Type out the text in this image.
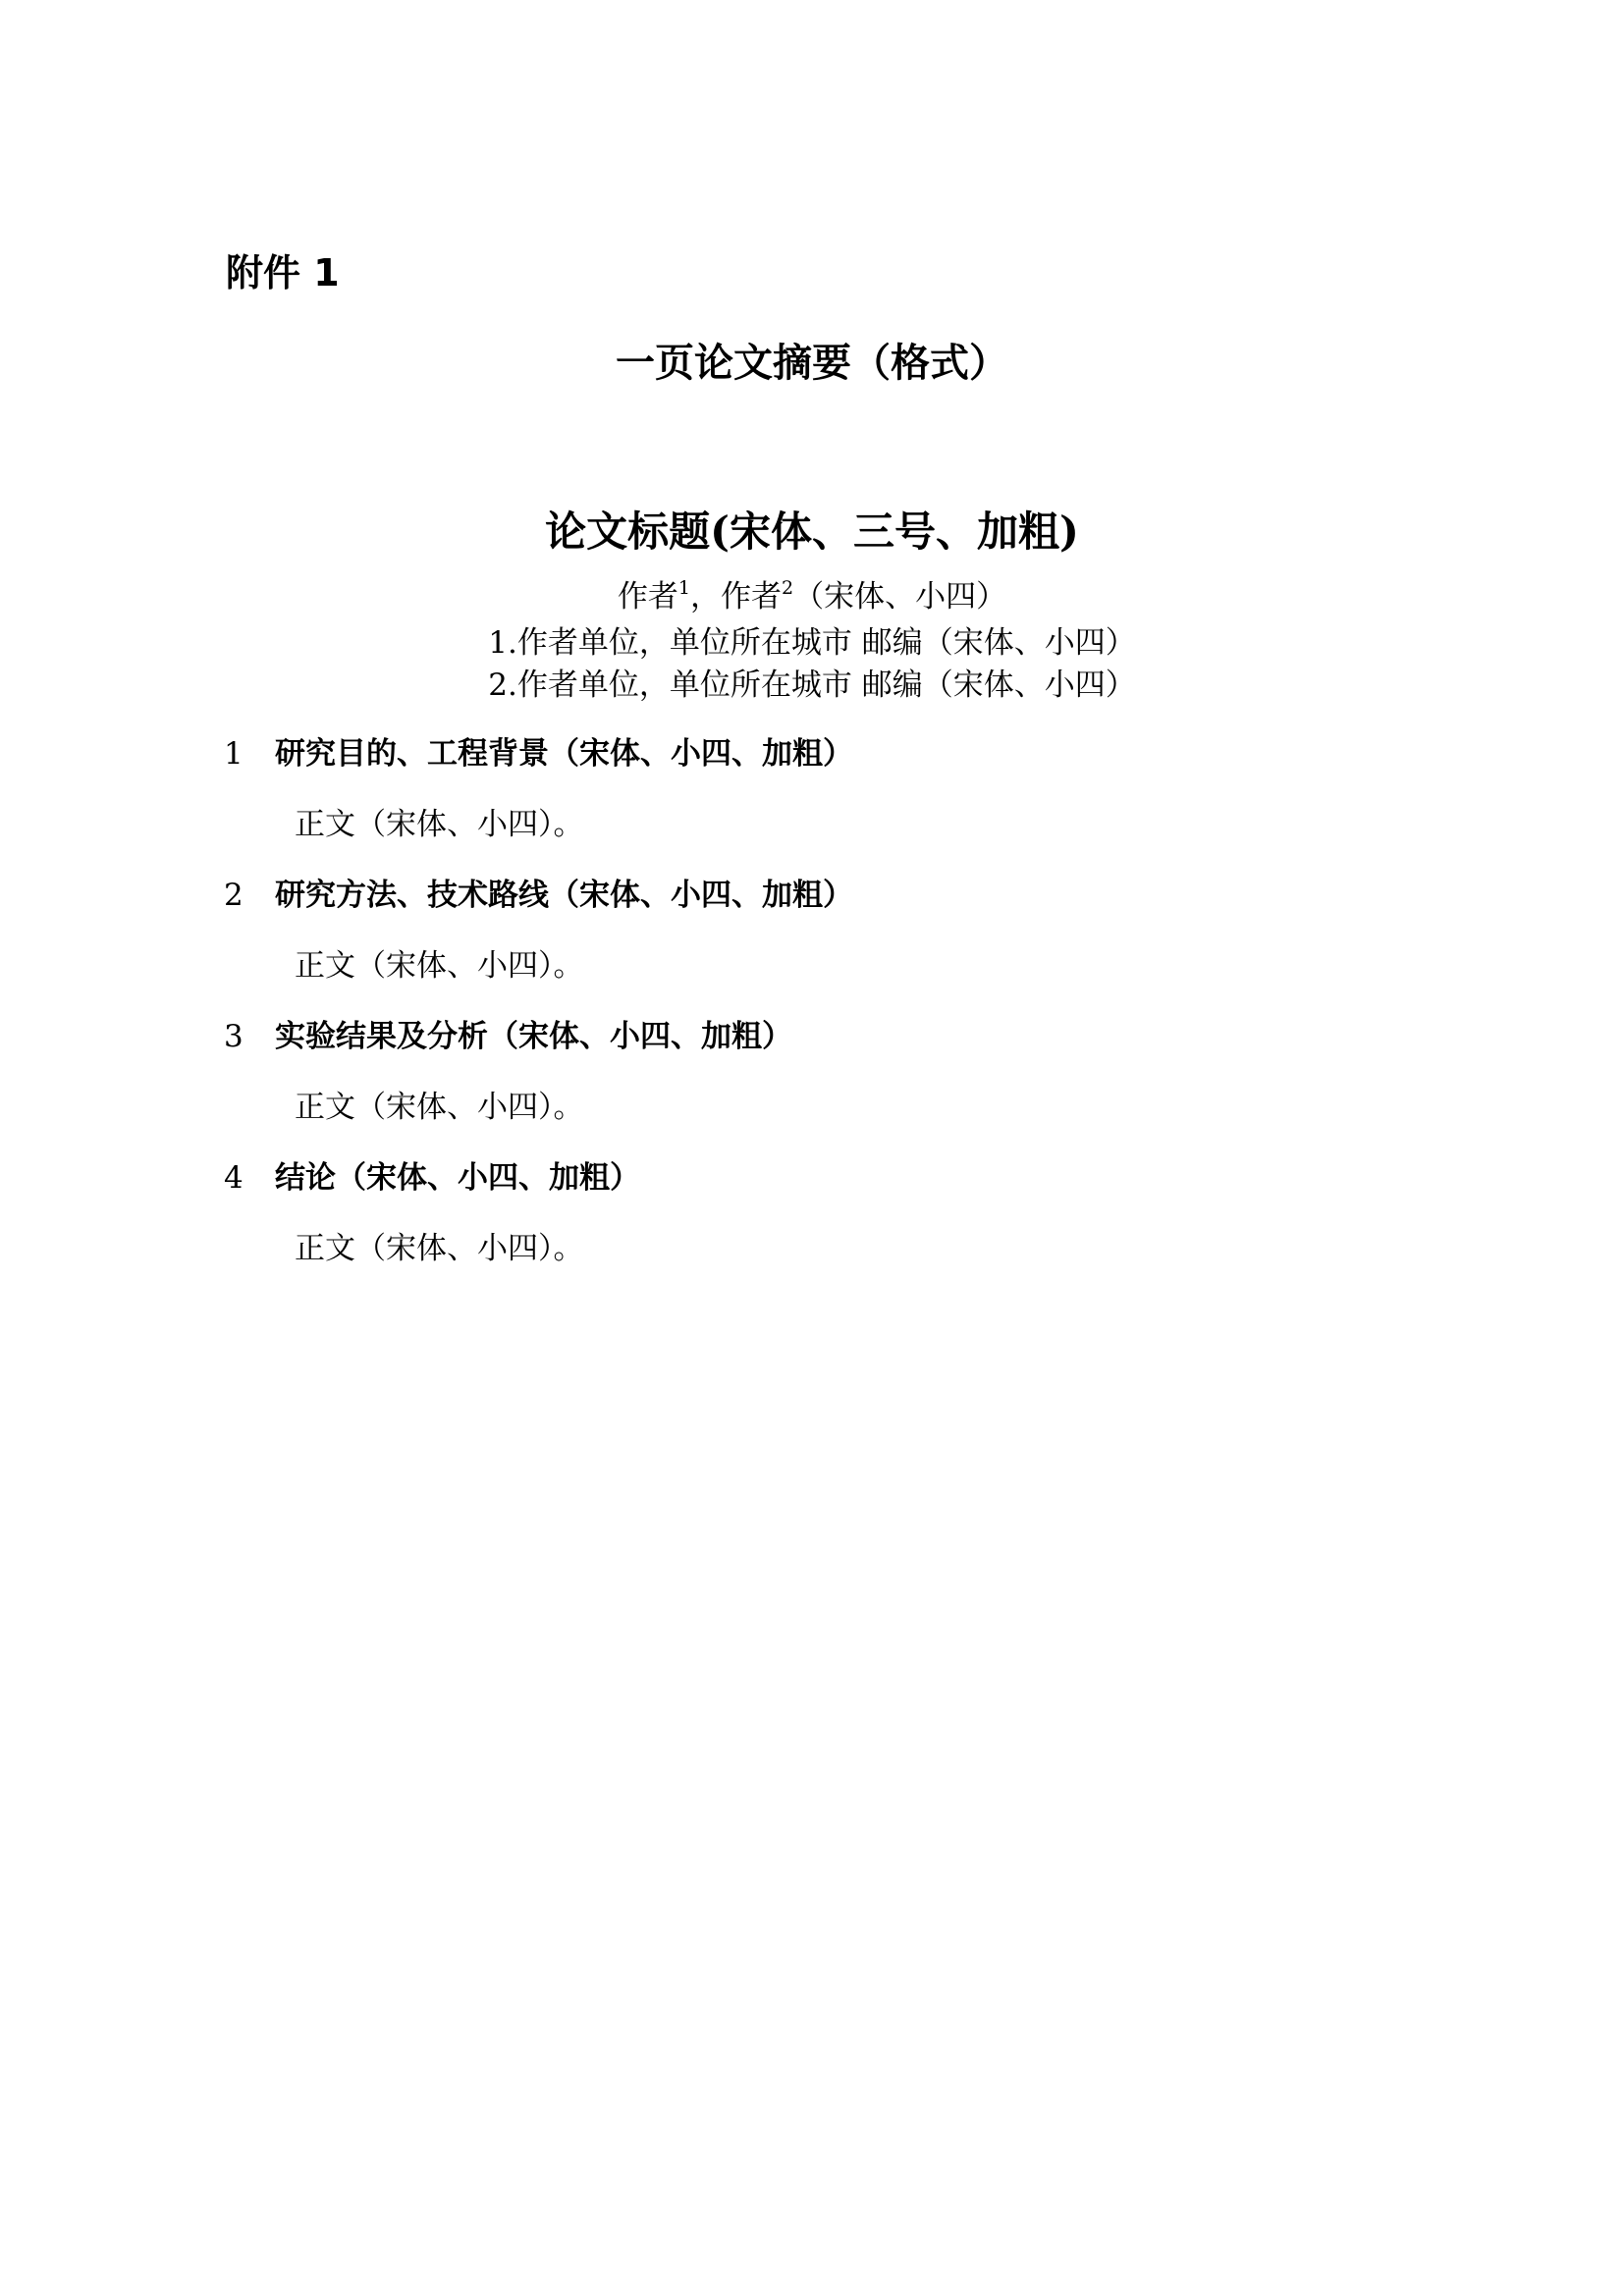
附件 1
一页论文摘要（格式）
论文标题(宋体、三号、加粗)
作者$^1$，作者$^2$（宋体、小四）
1.作者单位，单位所在城市 邮编（宋体、小四）
2.作者单位，单位所在城市 邮编（宋体、小四）
1 研究目的、工程背景（宋体、小四、加粗）
正文（宋体、小四）。
2 研究方法、技术路线（宋体、小四、加粗）
正文（宋体、小四）。
3 实验结果及分析（宋体、小四、加粗）
正文（宋体、小四）。
4 结论（宋体、小四、加粗）
正文（宋体、小四）。
